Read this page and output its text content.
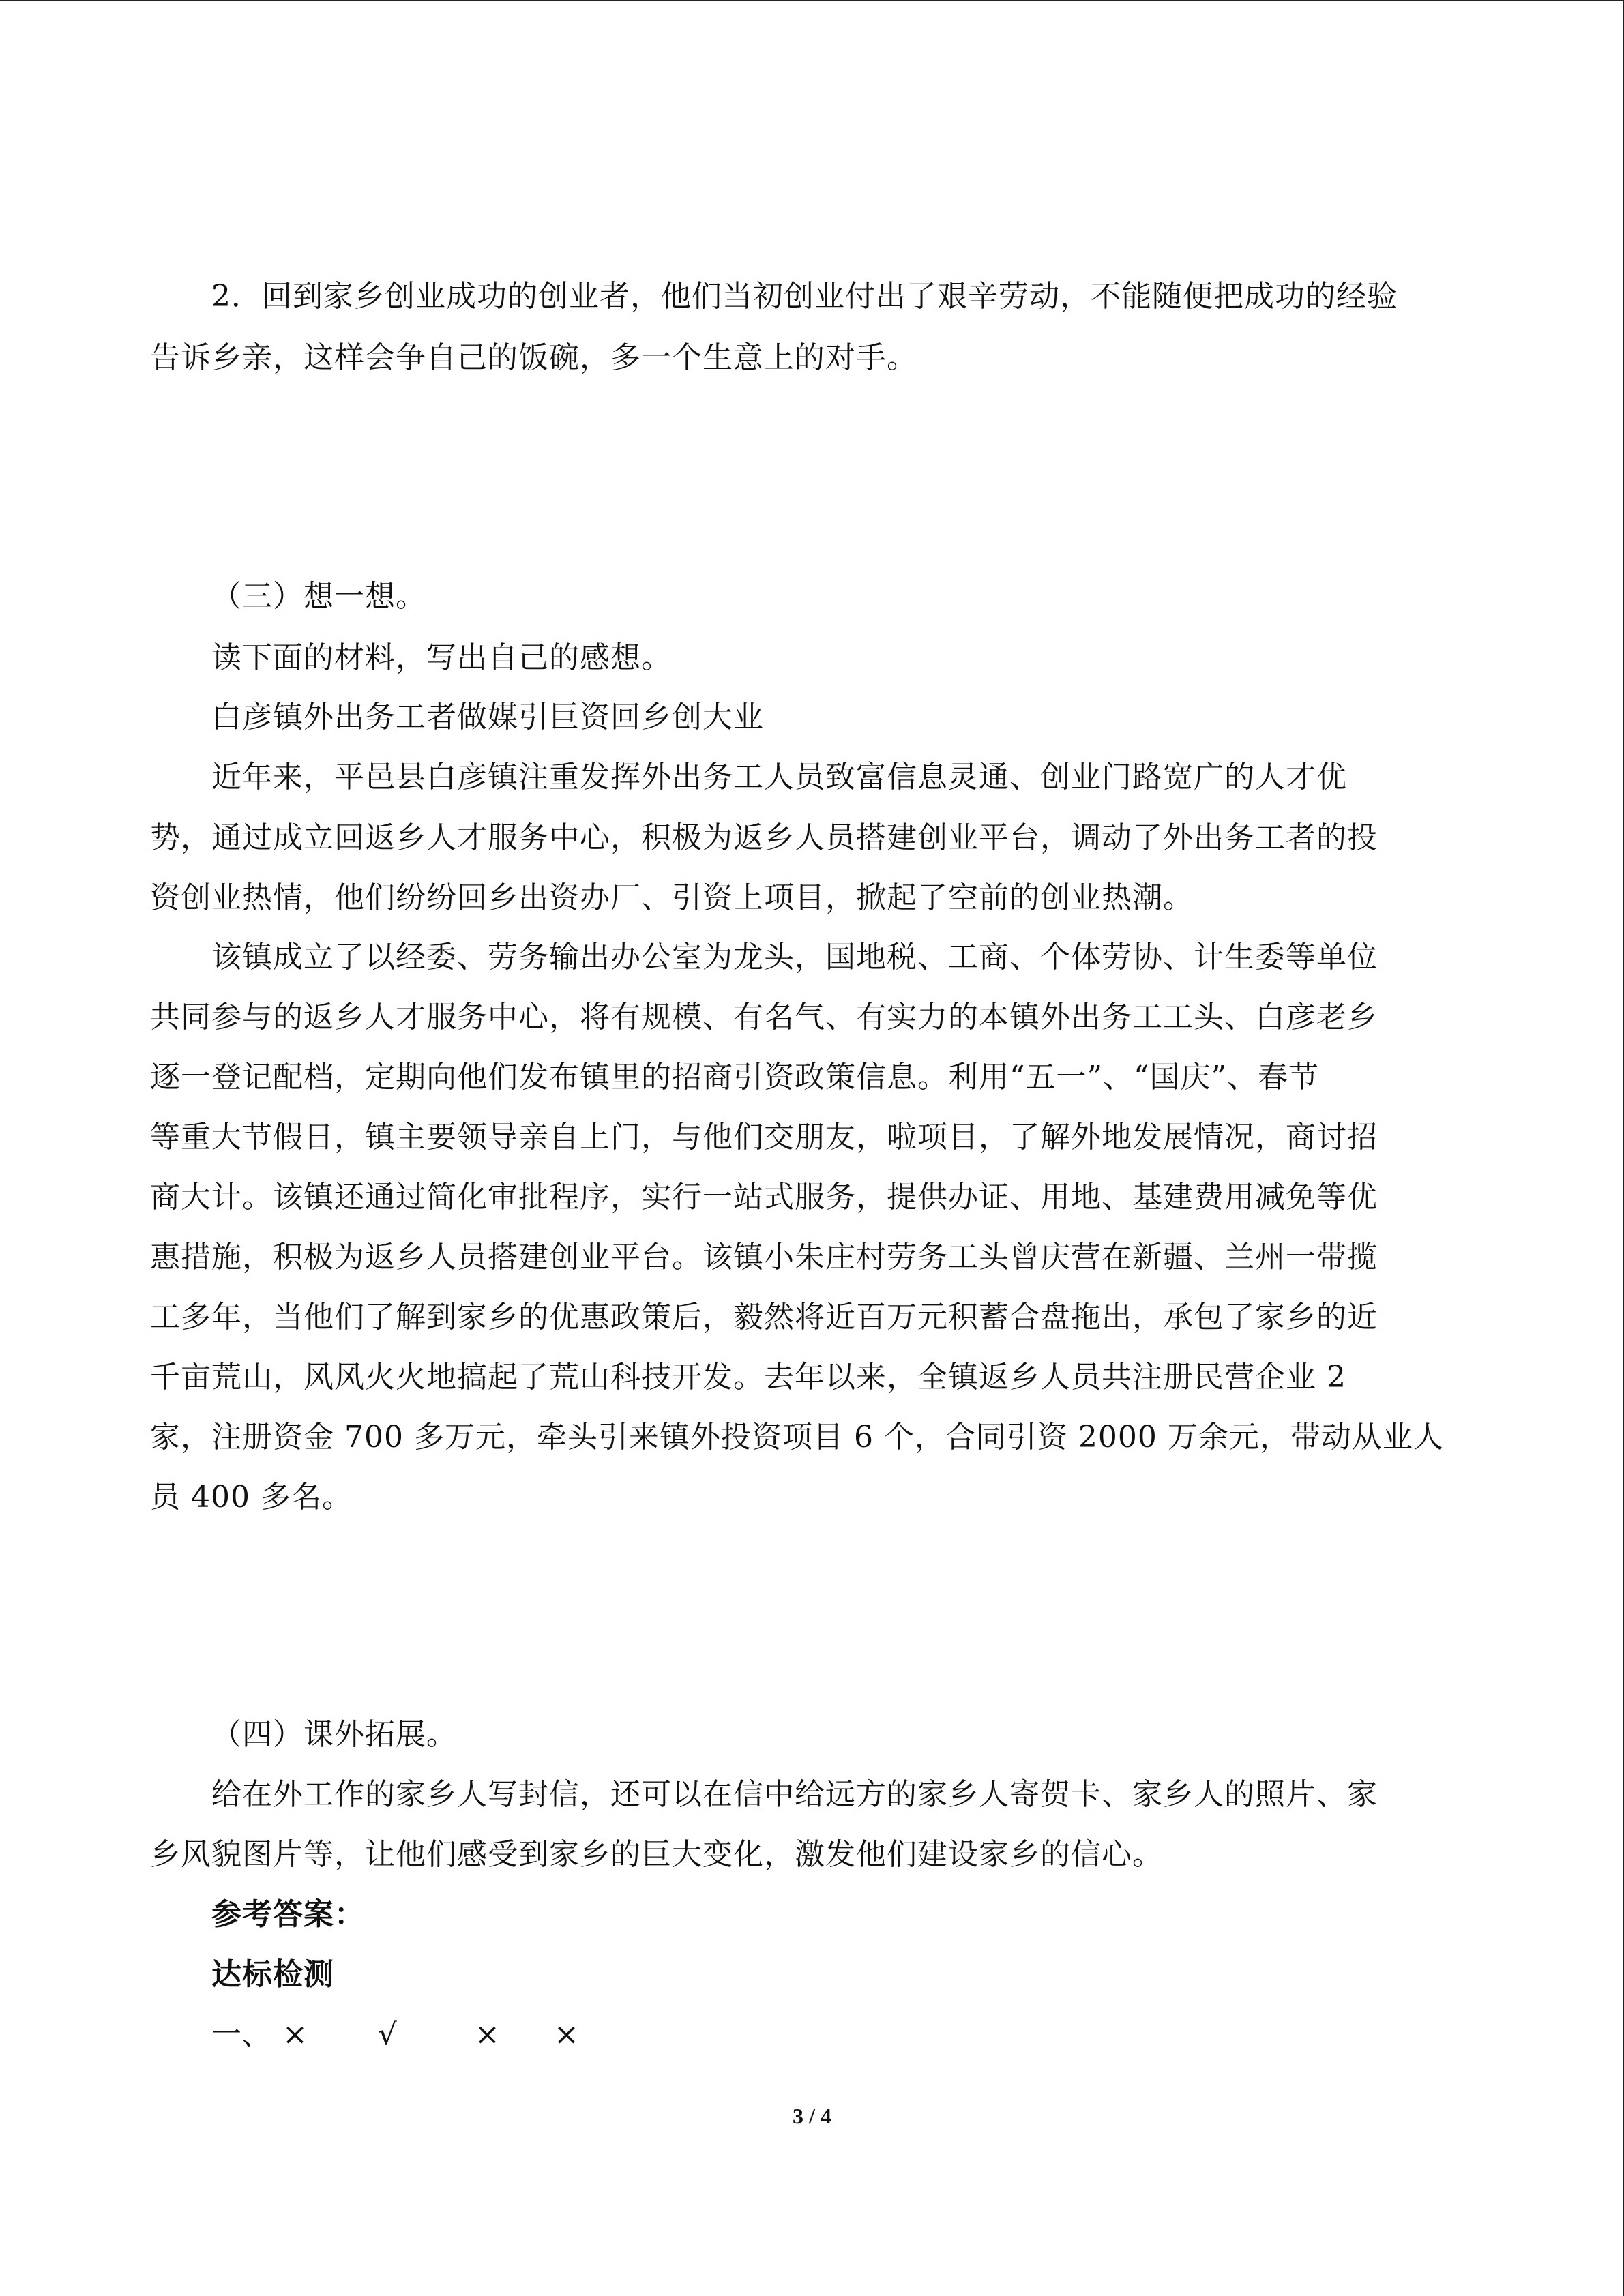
2．回到家乡创业成功的创业者，他们当初创业付出了艰辛劳动，不能随便把成功的经验
告诉乡亲，这样会争自己的饭碗，多一个生意上的对手。
（三）想一想。
读下面的材料，写出自己的感想。
白彦镇外出务工者做媒引巨资回乡创大业
近年来，平邑县白彦镇注重发挥外出务工人员致富信息灵通、创业门路宽广的人才优
势，通过成立回返乡人才服务中心，积极为返乡人员搭建创业平台，调动了外出务工者的投
资创业热情，他们纷纷回乡出资办厂、引资上项目，掀起了空前的创业热潮。
该镇成立了以经委、劳务输出办公室为龙头，国地税、工商、个体劳协、计生委等单位
共同参与的返乡人才服务中心，将有规模、有名气、有实力的本镇外出务工工头、白彦老乡
逐一登记配档，定期向他们发布镇里的招商引资政策信息。利用“五一”、“国庆”、春节
等重大节假日，镇主要领导亲自上门，与他们交朋友，啦项目，了解外地发展情况，商讨招
商大计。该镇还通过简化审批程序，实行一站式服务，提供办证、用地、基建费用减免等优
惠措施，积极为返乡人员搭建创业平台。该镇小朱庄村劳务工头曾庆营在新疆、兰州一带揽
工多年，当他们了解到家乡的优惠政策后，毅然将近百万元积蓄合盘拖出，承包了家乡的近
千亩荒山，风风火火地搞起了荒山科技开发。去年以来，全镇返乡人员共注册民营企业 2
家，注册资金 700 多万元，牵头引来镇外投资项目 6 个，合同引资 2000 万余元，带动从业人
员 400 多名。
（四）课外拓展。
给在外工作的家乡人写封信，还可以在信中给远方的家乡人寄贺卡、家乡人的照片、家
乡风貌图片等，让他们感受到家乡的巨大变化，激发他们建设家乡的信心。
参考答案：
达标检测
一、 × √	× ×
3 / 4
